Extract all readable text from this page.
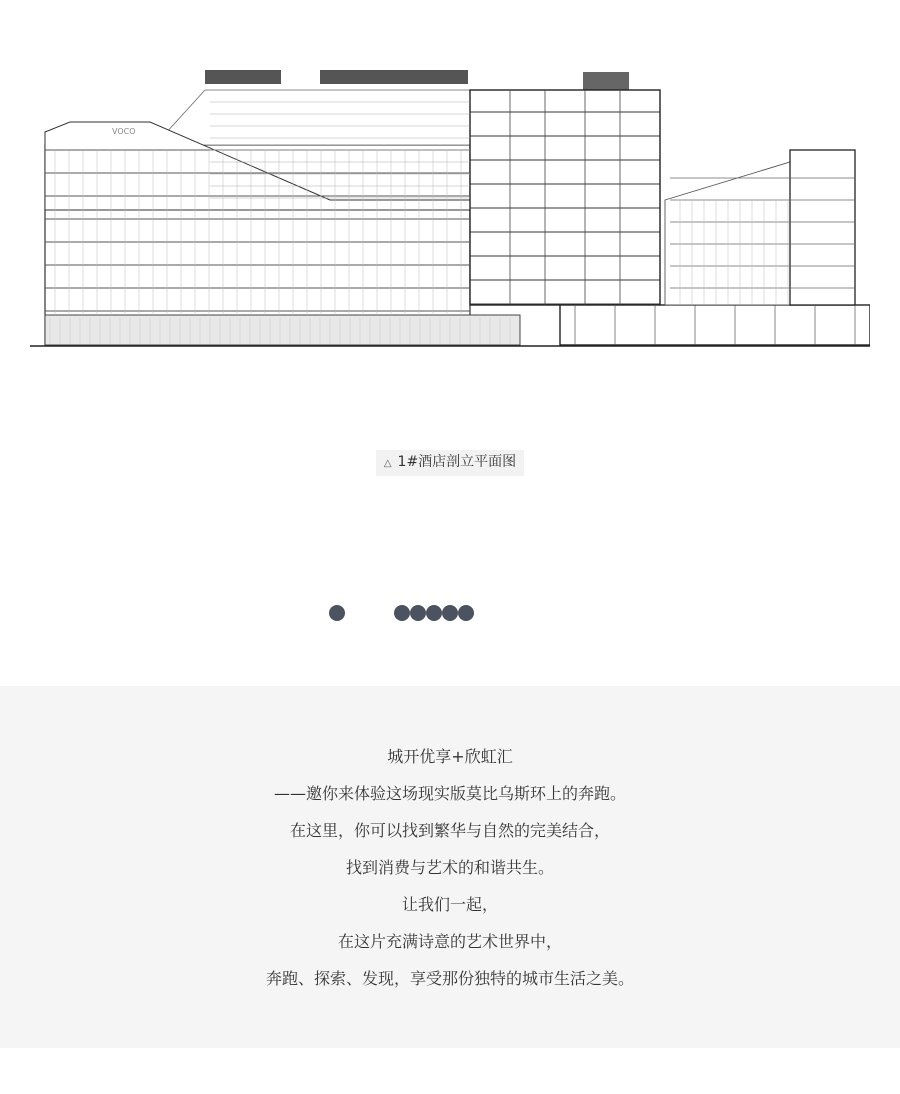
VOCO
△ 1#酒店剖立平面图
城开优享+欣虹汇
——邀你来体验这场现实版莫比乌斯环上的奔跑。
在这里，你可以找到繁华与自然的完美结合，
找到消费与艺术的和谐共生。
让我们一起，
在这片充满诗意的艺术世界中，
奔跑、探索、发现，享受那份独特的城市生活之美。
